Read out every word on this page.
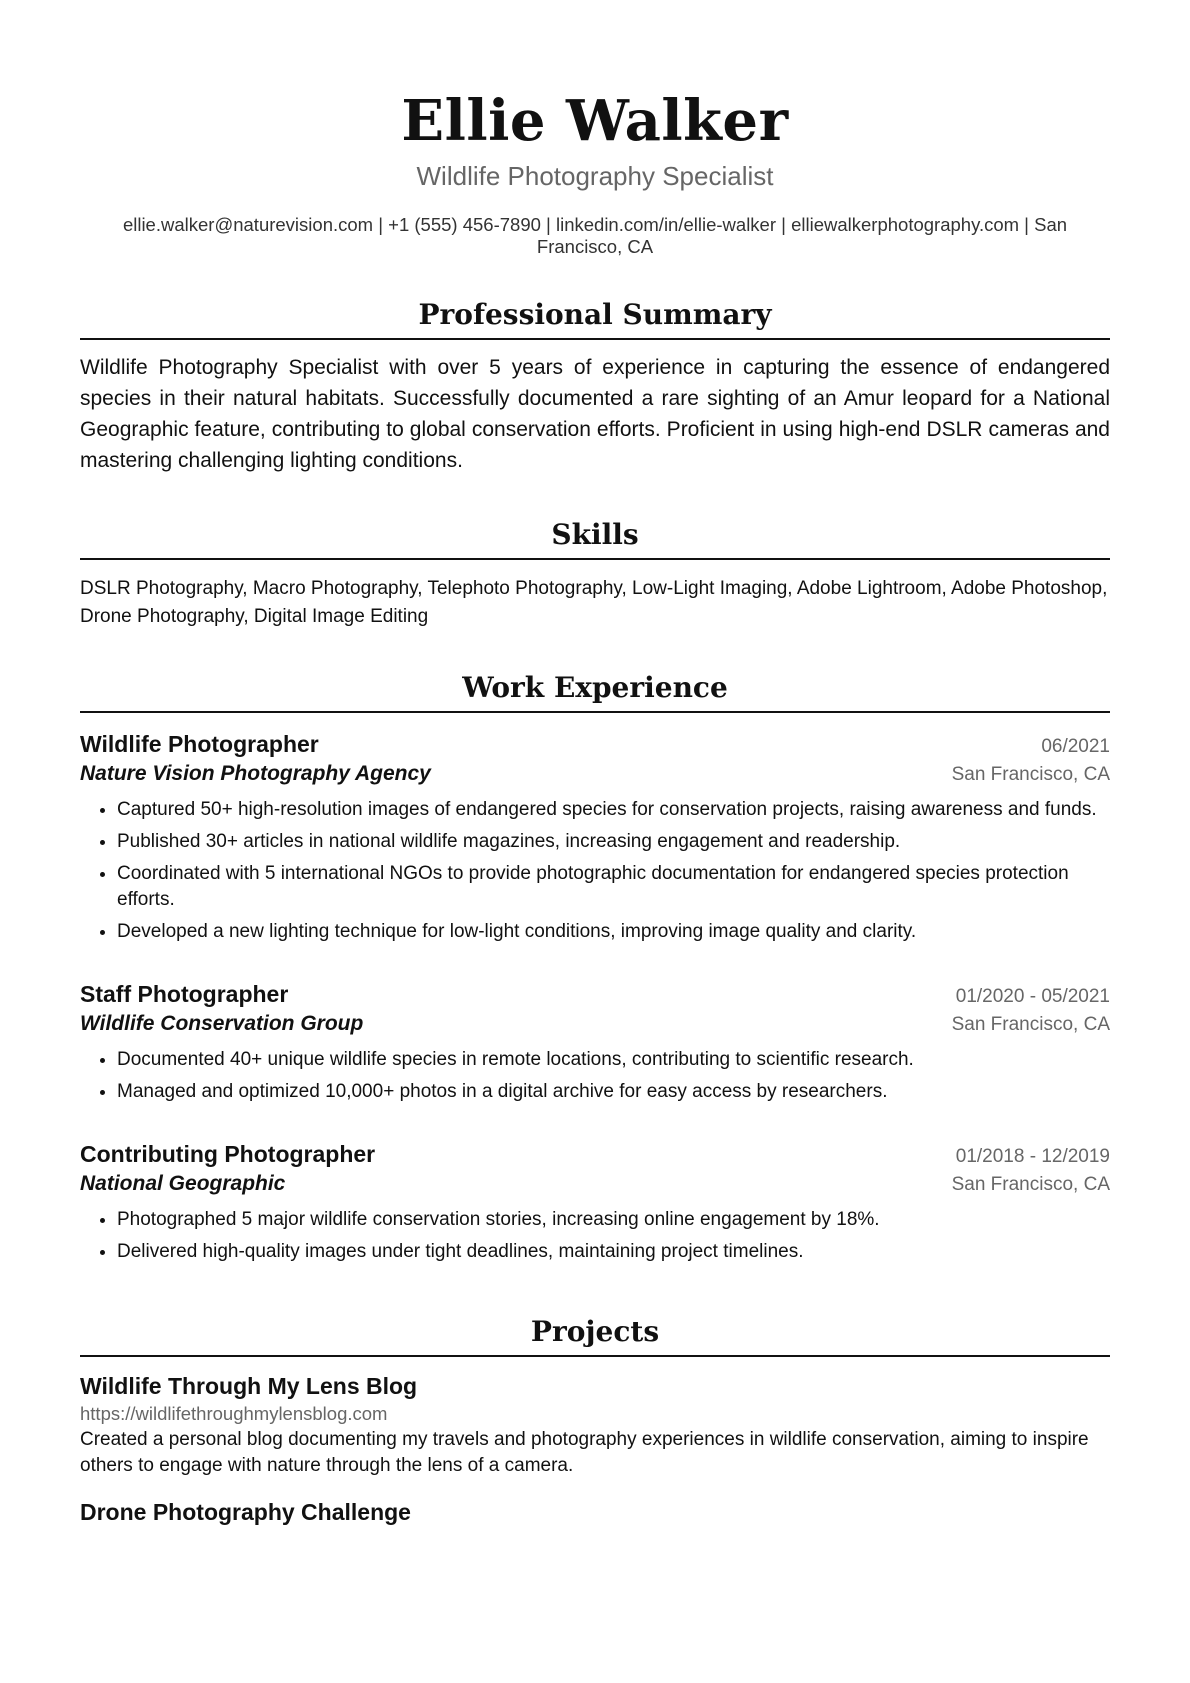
Ellie Walker
Wildlife Photography Specialist
ellie.walker@naturevision.com | +1 (555) 456-7890 | linkedin.com/in/ellie-walker | elliewalkerphotography.com | San Francisco, CA
Professional Summary
Wildlife Photography Specialist with over 5 years of experience in capturing the essence of endangered species in their natural habitats. Successfully documented a rare sighting of an Amur leopard for a National Geographic feature, contributing to global conservation efforts. Proficient in using high-end DSLR cameras and mastering challenging lighting conditions.
Skills
DSLR Photography, Macro Photography, Telephoto Photography, Low-Light Imaging, Adobe Lightroom, Adobe Photoshop, Drone Photography, Digital Image Editing
Work Experience
Wildlife Photographer	06/2021
Nature Vision Photography Agency	San Francisco, CA
• Captured 50+ high-resolution images of endangered species for conservation projects, raising awareness and funds.
• Published 30+ articles in national wildlife magazines, increasing engagement and readership.
• Coordinated with 5 international NGOs to provide photographic documentation for endangered species protection efforts.
• Developed a new lighting technique for low-light conditions, improving image quality and clarity.
Staff Photographer	01/2020 - 05/2021
Wildlife Conservation Group	San Francisco, CA
• Documented 40+ unique wildlife species in remote locations, contributing to scientific research.
• Managed and optimized 10,000+ photos in a digital archive for easy access by researchers.
Contributing Photographer	01/2018 - 12/2019
National Geographic	San Francisco, CA
• Photographed 5 major wildlife conservation stories, increasing online engagement by 18%.
• Delivered high-quality images under tight deadlines, maintaining project timelines.
Projects
Wildlife Through My Lens Blog
https://wildlifethroughmylensblog.com
Created a personal blog documenting my travels and photography experiences in wildlife conservation, aiming to inspire others to engage with nature through the lens of a camera.
Drone Photography Challenge
